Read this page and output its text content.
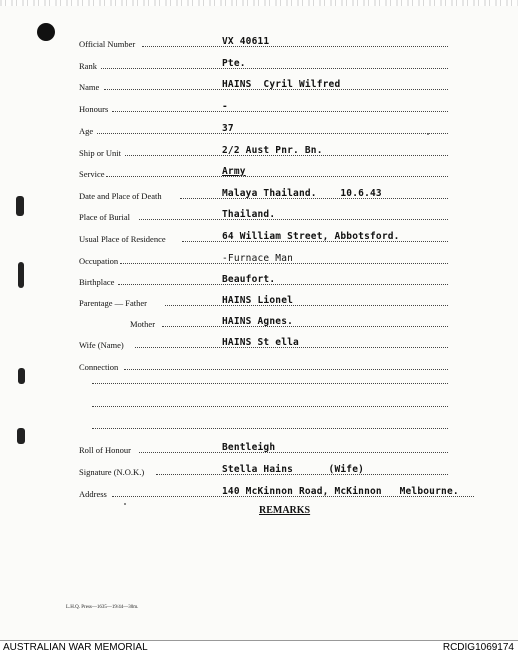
Official Number	VX 40611
Rank	Pte.
Name	HAINS  Cyril Wilfred
Honours	-
Age	37
Ship or Unit	2/2 Aust Pnr. Bn.
Service	Army
Date and Place of Death	Malaya Thailand.    10.6.43
Place of Burial	Thailand.
Usual Place of Residence	64 William Street, Abbotsford.
Occupation	-Furnace Man
Birthplace	Beaufort.
Parentage — Father	HAINS Lionel
Mother	HAINS Agnes.
Wife (Name)	HAINS St ella
Connection
Roll of Honour	Bentleigh
Signature (N.O.K.)	Stella Hains      (Wife)
Address	140 McKinnon Road, McKinnon   Melbourne.
REMARKS
L.H.Q. Press—1635—19/44—30m.
AUSTRALIAN WAR MEMORIAL	RCDIG1069174
